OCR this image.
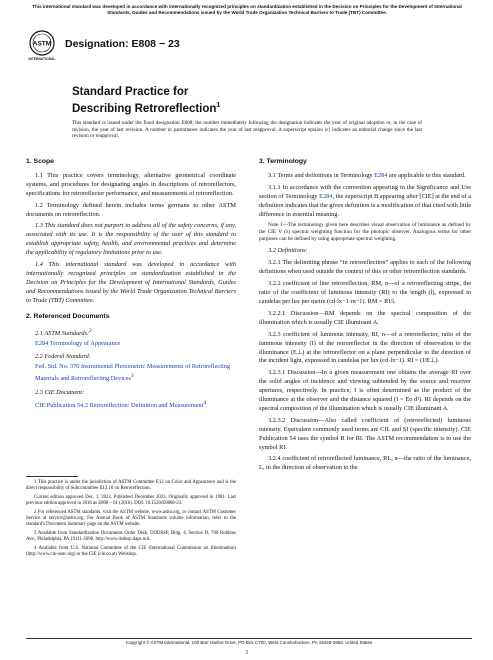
This international standard was developed in accordance with internationally recognized principles on standardization established in the Decision on Principles for the Development of International Standards, Guides and Recommendations issued by the World Trade Organization Technical Barriers to Trade (TBT) Committee.
ASTM
INTERNATIONAL
Designation: E808 − 23
Standard Practice for
Describing Retroreflection$^1$
This standard is issued under the fixed designation E808; the number immediately following the designation indicates the year of original adoption or, in the case of revision, the year of last revision. A number in parentheses indicates the year of last reapproval. A superscript epsilon (ε) indicates an editorial change since the last revision or reapproval.
1. Scope

1.1 This practice covers terminology, alternative geometrical coordinate systems, and procedures for designating angles in descriptions of retroreflectors, specifications for retroreflector performance, and measurements of retroreflection.

1.2 Terminology defined herein includes terms germane to other ASTM documents on retroreflection.

1.3 This standard does not purport to address all of the safety concerns, if any, associated with its use. It is the responsibility of the user of this standard to establish appropriate safety, health, and environmental practices and determine the applicability of regulatory limitations prior to use.

1.4 This international standard was developed in accordance with internationally recognized principles on standardization established in the Decision on Principles for the Development of International Standards, Guides and Recommendations issued by the World Trade Organization Technical Barriers to Trade (TBT) Committee.

2. Referenced Documents

2.1 ASTM Standards:$^2$

E284 Terminology of Appearance

2.2 Federal Standard:

Fed. Std. No. 370 Instrumental Photometric Measurements of Retroreflecting Materials and Retroreflecting Devices$^3$

2.3 CIE Document:

CIE Publication 54.2 Retroreflection: Definition and Measurement$^4$

1 This practice is under the jurisdiction of ASTM Committee E12 on Color and Appearance and is the direct responsibility of Subcommittee E12.10 on Retroreflection.

Current edition approved Dec. 1, 2023. Published December 2023. Originally approved in 1981. Last previous edition approved in 2016 as E808 – 01 (2016). DOI: 10.1520/E0808-23.

2 For referenced ASTM standards, visit the ASTM website, www.astm.org, or contact ASTM Customer Service at service@astm.org. For Annual Book of ASTM Standards volume information, refer to the standard's Document Summary page on the ASTM website.

3 Available from Standardization Documents Order Desk, DODSSP, Bldg. 4, Section D, 700 Robbins Ave., Philadelphia, PA 19111-5098, http://www.dodssp.daps.mil.

4 Available from U.S. National Committee of the CIE (International Commission on Illumination) (http://www.cie-usnc.org) or the CIE (cie.co.at) Webshop.

3. Terminology

3.1 Terms and definitions in Terminology E284 are applicable to this standard.

3.1.1 In accordance with the convention appearing in the Significance and Use section of Terminology E284, the superscript B appearing after [CIE] at the end of a definition indicates that the given definition is a modification of that cited with little difference in essential meaning.

Note 1—The terminology given here describes visual observation of luminance as defined by the CIE V (λ) spectral weighting function for the photopic observer. Analogous terms for other purposes can be defined by using appropriate spectral weighting.

3.2 Definitions:

3.2.1 The delimiting phrase “in retroreflection” applies to each of the following definitions when used outside the context of this or other retroreflection standards.

3.2.2 coefficient of line retroreflection, RM, n—of a retroreflecting stripe, the ratio of the coefficient of luminous intensity (RI) to the length (l), expressed in candelas per lux per metre (cd·lx−1·m−1). RM = RI/l.

3.2.2.1 Discussion—RM depends on the spectral composition of the illumination which is usually CIE illuminant A.

3.2.3 coefficient of luminous intensity, RI, n—of a retroreflector, ratio of the luminous intensity (I) of the retroreflector in the direction of observation to the illuminance (E⊥) at the retroreflector on a plane perpendicular to the direction of the incident light, expressed in candelas per lux (cd·lx−1). RI = (I/E⊥).

3.2.3.1 Discussion—In a given measurement one obtains the average RI over the solid angles of incidence and viewing subtended by the source and receiver apertures, respectively. In practice, I is often determined as the product of the illuminance at the observer and the distance squared (I = Eo d²). RI depends on the spectral composition of the illumination which is usually CIE illuminant A.

3.2.3.2 Discussion—Also called coefficient of (retroreflected) luminous intensity. Equivalent commonly used terms are CIL and SI (specific intensity). CIE Publication 54 uses the symbol R for RI. The ASTM recommendation is to use the symbol RI.

3.2.4 coefficient of retroreflected luminance, RL, n—the ratio of the luminance, L, in the direction of observation to the

Copyright © ASTM International, 100 Barr Harbor Drive, PO Box C700, West Conshohocken, PA 19428-2959. United States
1
